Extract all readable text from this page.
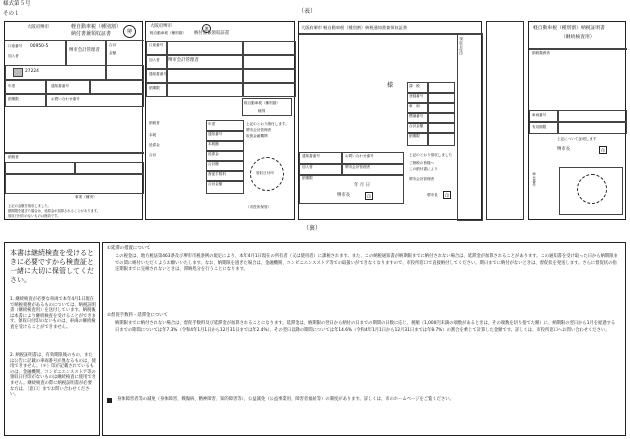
様式第５号
その１	（表）
大阪府堺市	軽自動車税（種別割）
納付書兼領収証書	堺
口座番号 00950-5
加入者
堺市会計管理者
合計
金額
27224
年度	通知書番号
納期限	お問い合わせ番号
納税者
事業（種別）
上記の金額を領収しました。
納期限を過ぎた場合は、延滞金が加算されることがあります。
領収日付印のないものは無効です。
大阪府堺市
軽自動車税（種別割） 納付書兼領収証書
堺
口座番号
加入者 堺市会計管理者
通知書番号
納期限
軽自動車税（種別割）
種別
年度
通知番号
本税額
延滞金
合計額
督促手数料
合計金額
納税者
本税
延滞金
合計
上記のとおり納付します。
堺市会計管理者
取扱金融機関
領収日付印
（市役所保管）
大阪府堺市 軽自動車税（種別割）納税通知書兼領収証書
様
通知書番号	お問い合わせ番号
加入者	堺市会計管理者
納期限
年 月 日
堺市長	印
課　税
登録番号
車　両
標識番号
合計金額
納期限
上記のとおり領収しました
ご納税の皆様へ
この納付書により
堺市会計管理者
堺市長	印
領収日付印
軽自動車税（種別割）納税証明書
（継続検査用）
納税義務者
車両番号
有効期限
上記について証明します
堺市長	印
車台番号
（裏）
本書は継続検査を受けるときに必要ですから検査証と一緒に大切に保管してください。
1. 継続検査が必要な車両で本年4月1日現在で納税義務があるものについては、納税証明書（継続検査用）を送付しています。納税後は本書により継続検査を受けることができます。領収日付印のないものは、車両の継続検査を受けることができません。
2. 納税証明書は、有効期限後のもの、または公告に記載の車両番号が異なるものは、使用できません。（＊）印が記載されているものは、金融機関、コンビニエンスストア等の領収日付印がないものは継続検査に使用できません。継続検査の際に納税証明書が必要な方は、［窓口］までお問い合わせください。
①延滞の措置について
この税金は、地方税法第463条及び堺市市税条例の規定により、本年4月1日現在の所有者（又は使用者）に課税されます。また、この納税通知書が納期限までに納付されない場合は、延滞金が加算されることがあります。この通知書を受け取った日から納期限までの間に納付いただくようお願いいたします。なお、納期限を過ぎた場合は、金融機関、コンビニエンスストア等での取扱いができなくなりますので、市役所窓口で直接納付してください。期日までに納付がないときは、督促状を発送します。さらに督促状の指定期限までに完納されないときは、滞納処分を行うことになります。
②督促手数料・延滞金について
納期限までに納付されない場合は、督促手数料及び延滞金が加算されることになります。延滞金は、納期限の翌日から納付の日までの期間の日数に応じ、税額（1,000円未満の端数があるときは、その端数を切り捨てた額）に、納期限の翌日から1月を経過する日までの期間については年7.3%（令和4年1月1日から12月31日までは年2.4%）、その翌日以降の期間については年14.6%（令和4年1月1日から12月31日までは年8.7%）の割合を乗じて計算した金額です。詳しくは、市役所窓口へお問い合わせください。
身体障害者等の減免（身体障害、戦傷病、精神障害、知的障害等）、公益減免（公益事業用、障害者福祉等）の制度があります。詳しくは、市のホームページをご覧ください。
